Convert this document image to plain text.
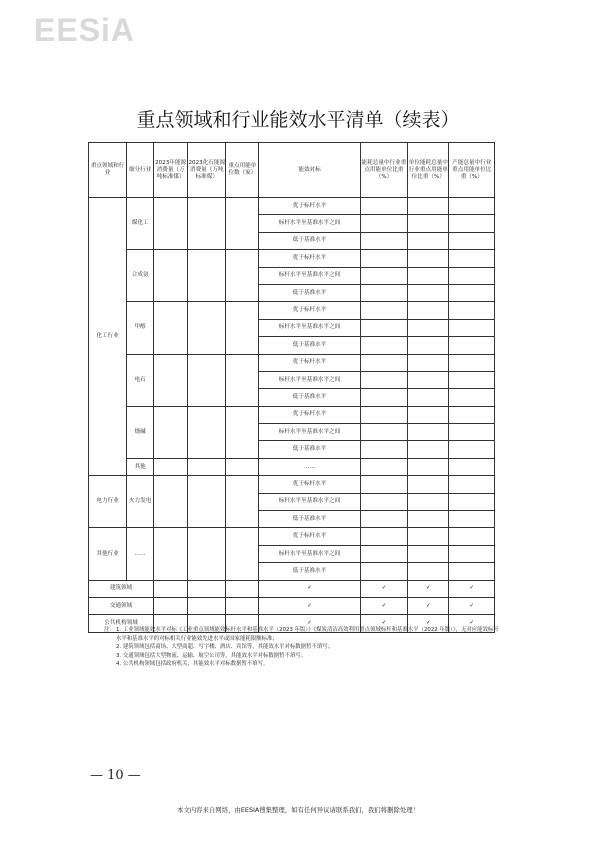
EESiA
重点领域和行业能效水平清单（续表）
重点领域和行业	细分行业	2023年能源消费量（万吨标准煤）	2023化石能源消费量（万吨标准煤）	重点用能单位数（家）	能效对标	能耗总量中行业重点用能单位比重（%）	单位能耗总量中行业重点用能单位比重（%）	产能总量中行业重点用能单位比重（%）
化工行业	煤化工				优于标杆水平			
					标杆水平至基准水平之间			
					低于基准水平			
	合成氨				优于标杆水平			
					标杆水平至基准水平之间			
					低于基准水平			
	甲醇				优于标杆水平			
					标杆水平至基准水平之间			
					低于基准水平			
	电石				优于标杆水平			
					标杆水平至基准水平之间			
					低于基准水平			
	烧碱				优于标杆水平			
					标杆水平至基准水平之间			
					低于基准水平			
	其他				……			
电力行业	火力发电				优于标杆水平			
					标杆水平至基准水平之间			
					低于基准水平			
其他行业	……				优于标杆水平			
					标杆水平至基准水平之间			
					低于基准水平			
建筑领域					✓	✓	✓	✓
交通领域					✓	✓	✓	✓
公共机构领域					✓	✓	✓	✓
注： 1. 工业领域能效水平对标《工业重点领域能效标杆水平和基准水平（2023 年版）》《煤炭清洁高效利用重点领域标杆和基准水平（2022 年版）》，无对应能效标杆水平和基准水平的对标相关行业能效先进水平或国家能耗限额标准；
2. 建筑领域包括商场、大型商超、写字楼、酒店、宾馆等，其能效水平对标数据暂不填写；
3. 交通领域包括大型物流、运输、航空公司等，其能效水平对标数据暂不填写；
4. 公共机构领域包括政府机关，其能效水平对标数据暂不填写。
— 10 —
本文内容来自网络，由EESIA搜集整理，如有任何异议请联系我们，我们将删除处理！
